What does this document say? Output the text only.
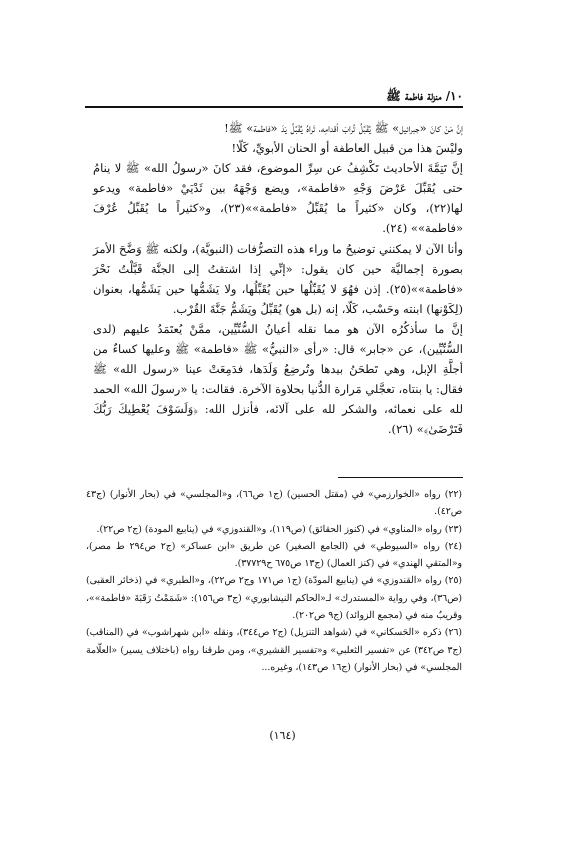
١٠/ منزلة فاطمة ﷺ

إنَّ مَنْ كانَ «جبرائيل» ﷺ يُقَبِّلُ تُرابَ أقدامِه، تَراهُ يُقَبِّلُ يَدَ «فاطمة» ﷺ!

وليْسَ هذا من قبيل العاطفة أو الحنان الأبويِّ، كَلّا!

إنَّ تَتِمَّةَ الأحاديث تَكْشِفُ عن سِرِّ الموضوع، فقد كانَ «رسولُ الله» ﷺ لا ينامُ حتى يُقَبِّلَ عَرْضَ وَجْهِ «فاطمة»، ويضع وَجْهَهُ بين ثَدْيَيْ «فاطمة» ويدعو لها(٢٢)، وكان «كثيراً ما يُقَبِّلُ «فاطمة»»(٢٣)، و«كثيراً ما يُقَبِّلُ عُرْفَ «فاطمة»» (٢٤).

وأنا الآن لا يمكنني توضيحُ ما وراء هذه التصرُّفات (النبويَّة)، ولكنه ﷺ وَضَّحَ الأمرَ بصورة إجماليَّة حين كان يقول: «إنِّي إذا اشتقتُ إلى الجنَّة قَبَّلْتُ نَحْرَ «فاطمة»»(٢٥). إذن فهُوَ لا يُقَبِّلُها حين يُقَبِّلُها، ولا يَشَمُّها حين يَشَمُّها، بعنوان (لِكَوْنها) ابنته وحَسْب، كَلّا، إنه (بل هو) يُقَبِّلُ ويَشَمُّ جَنَّةَ القُرْب.

إنَّ ما سأذكُرُه الآن هو مما نقله أعيانُ السُّنِّيِّين، ممَّنْ يُعتَمَدُ عليهم (لدى السُّنِّيِّين)، عن «جابر» قال: «رأى «النبيُّ» ﷺ «فاطمة» ﷺ وعليها كساءٌ من أجلَّةِ الإبل، وهي تَطحَنُ بيدها وتُرضِعُ وَلَدَها، فدَمِعَتْ عينا «رسول الله» ﷺ فقال: يا بنتاه، تعجَّلي مَرارة الدُّنيا بحلاوة الآخرة. فقالت: يا «رسولَ الله» الحمد لله على نعمائه، والشكر لله على آلائه، فأنزل الله: ﴿وَلَسَوْفَ يُعْطِيكَ رَبُّكَ فَتَرْضَىٰ﴾» (٢٦).

(٢٢) رواه «الخوارزمي» في (مقتل الحسين) (ج١ ص٦٦)، و«المجلسي» في (بحار الأنوار) (ج٤٣ ص٤٢).

(٢٣) رواه «المناوي» في (كنوز الحقائق) (ص١١٩)، و«القندوزي» في (ينابيع المودة) (ج٢ ص٢٢).

(٢٤) رواه «السيوطي» في (الجامع الصغير) عن طريق «ابن عساكر» (ج٢ ص٢٩٤ ط مصر)، و«المتقي الهندي» في (كنز العمال) (ج١٣ ص٦٧٥ ح٣٧٧٢٩).

(٢٥) رواه «القندوزي» في (ينابيع المودّة) (ج١ ص١٧١ وج٢ ص٢٢)، و«الطبري» في (ذخائر العقبى) (ص٣٦)، وفي رواية «المستدرك» لـ«الحاكم النيشابوري» (ج٣ ص١٥٦): «شَمَمْتُ رَقَبَةَ «فاطمة»»، وقريبٌ منه في (مجمع الزوائد) (ج٩ ص٢٠٢).

(٢٦) ذكره «الحَسكاني» في (شواهد التنزيل) (ج٢ ص٣٤٤)، ونقله «ابن شهراشوب» في (المناقب) (ج٣ ص٣٤٢) عن «تفسير الثعلبي» و«تفسير القشيري»، ومن طرقنا رواه (باختلاف يسير) «العلّامة المجلسي» في (بحار الأنوار) (ج١٦ ص١٤٣)، وغيره...

(١٦٤)
